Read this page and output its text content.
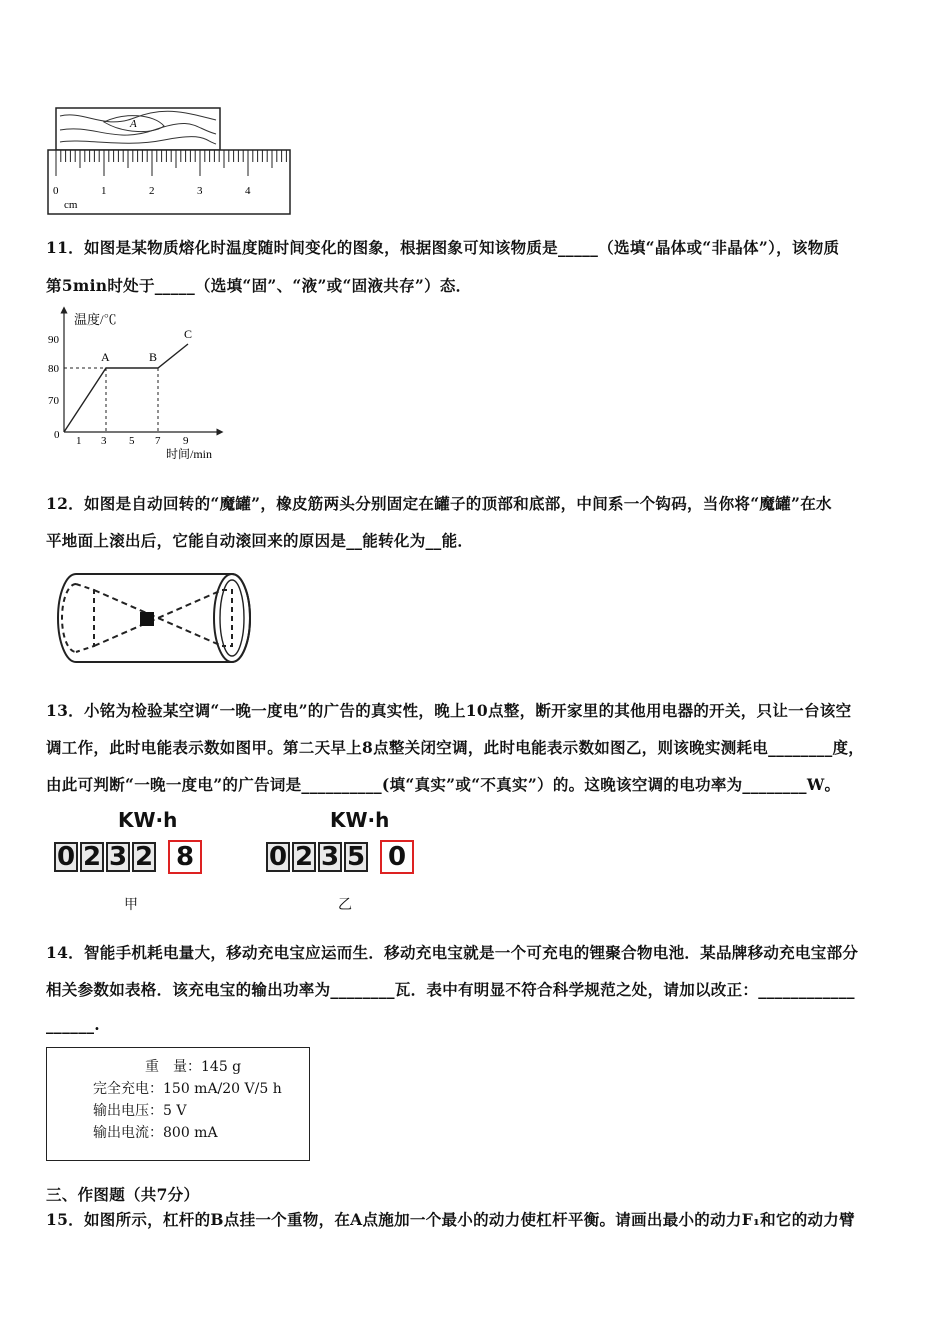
A
0	1	2	3	4
cm
11．如图是某物质熔化时温度随时间变化的图象，根据图象可知该物质是_____（选填“晶体或“非晶体”），该物质
第5min时处于_____（选填“固”、“液”或“固液共存”）态．
温度/℃
90
80
70
0 1 3 5 7 9
时间/min
A	B
C
12．如图是自动回转的“魔罐”，橡皮筋两头分别固定在罐子的顶部和底部，中间系一个钩码，当你将“魔罐”在水
平地面上滚出后，它能自动滚回来的原因是__能转化为__能．
13．小铭为检验某空调“一晚一度电”的广告的真实性，晚上10点整，断开家里的其他用电器的开关，只让一台该空
调工作，此时电能表示数如图甲。第二天早上8点整关闭空调，此时电能表示数如图乙，则该晚实测耗电________度，
由此可判断“一晚一度电”的广告词是__________(填“真实”或“不真实”）的。这晚该空调的电功率为________W。
KW·h
0 2 3 2 8
甲
KW·h
0 2 3 5 0
乙
14．智能手机耗电量大，移动充电宝应运而生．移动充电宝就是一个可充电的锂聚合物电池．某品牌移动充电宝部分
相关参数如表格．该充电宝的输出功率为________瓦．表中有明显不符合科学规范之处，请加以改正：____________
______.
重　量：145 g
完全充电：150 mA/20 V/5 h
输出电压：5 V
输出电流：800 mA
三、作图题（共7分）
15．如图所示，杠杆的B点挂一个重物，在A点施加一个最小的动力使杠杆平衡。请画出最小的动力F₁和它的动力臂
